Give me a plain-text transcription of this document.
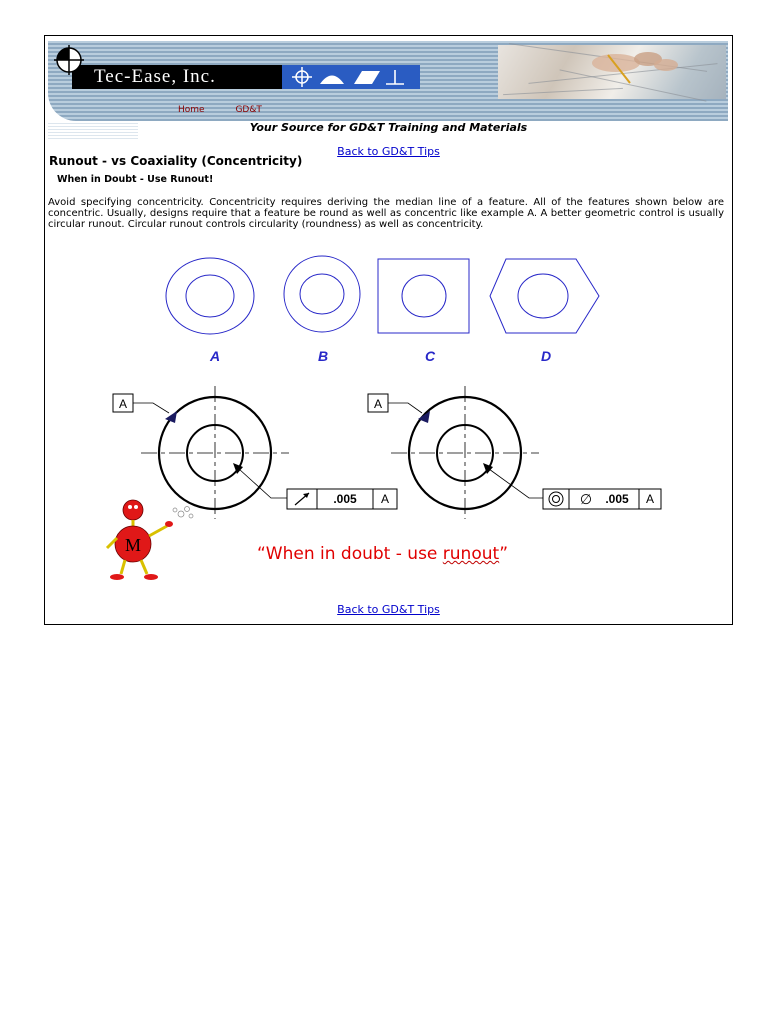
Tec-Ease, Inc.
Home	GD&T
Your Source for GD&T Training and Materials
Back to GD&T Tips
Runout - vs Coaxiality (Concentricity)
When in Doubt - Use Runout!
Avoid specifying concentricity. Concentricity requires deriving the median line of a feature. All of the features shown below are concentric. Usually, designs require that a feature be round as well as concentric like example A. A better geometric control is usually circular runout. Circular runout controls circularity (roundness) as well as concentricity.
A	B	C	D
A
.005 A
A
∅ .005 A
M	“When in doubt - use runout”
Back to GD&T Tips
